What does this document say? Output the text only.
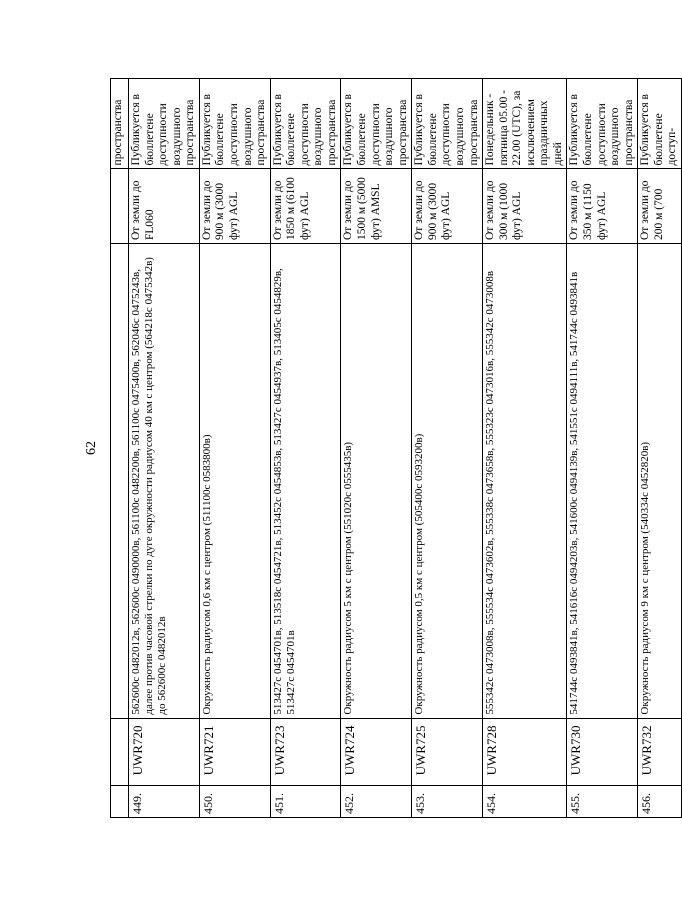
62
				пространства
449.	UWR720	562600с 0482012в, 562600с 0490000в, 561100с 0482200в, 561100с 0475400в, 562046с 0475243в, далее против часовой стрелки по дуге окружности радиусом 40 км с центром (564218с 0475342в) до 562600с 0482012в	От земли до FL060	Публикуется в бюллетене доступности воздушного пространства
450.	UWR721	Окружность радиусом 0,6 км с центром (511100с 0583800в)	От земли до 900 м (3000 фут) AGL	Публикуется в бюллетене доступности воздушного пространства
451.	UWR723	513427с 0454701в, 513518с 0454721в, 513452с 0454853в, 513427с 0454937в, 513405с 0454829в, 513427с 0454701в	От земли до 1850 м (6100 фут) AGL	Публикуется в бюллетене доступности воздушного пространства
452.	UWR724	Окружность радиусом 5 км с центром (551020с 0555435в)	От земли до 1500 м (5000 фут) AMSL	Публикуется в бюллетене доступности воздушного пространства
453.	UWR725	Окружность радиусом 0,5 км с центром (505400с 0593200в)	От земли до 900 м (3000 фут) AGL	Публикуется в бюллетене доступности воздушного пространства
454.	UWR728	555342с 0473008в, 555534с 0473602в, 555338с 0473658в, 555323с 0473016в, 555342с 0473008в	От земли до 300 м (1000 фут) AGL	Понедельник - пятница 05.00 - 22.00 (UTC), за исключением праздничных дней
455.	UWR730	541744с 0493841в, 541616с 0494203в, 541600с 0494139в, 541551с 0494111в, 541744с 0493841в	От земли до 350 м (1150 фут) AGL	Публикуется в бюллетене доступности воздушного пространства
456.	UWR732	Окружность радиусом 9 км с центром (540334с 0452820в)	От земли до 200 м (700	Публикуется в бюллетене доступ-
